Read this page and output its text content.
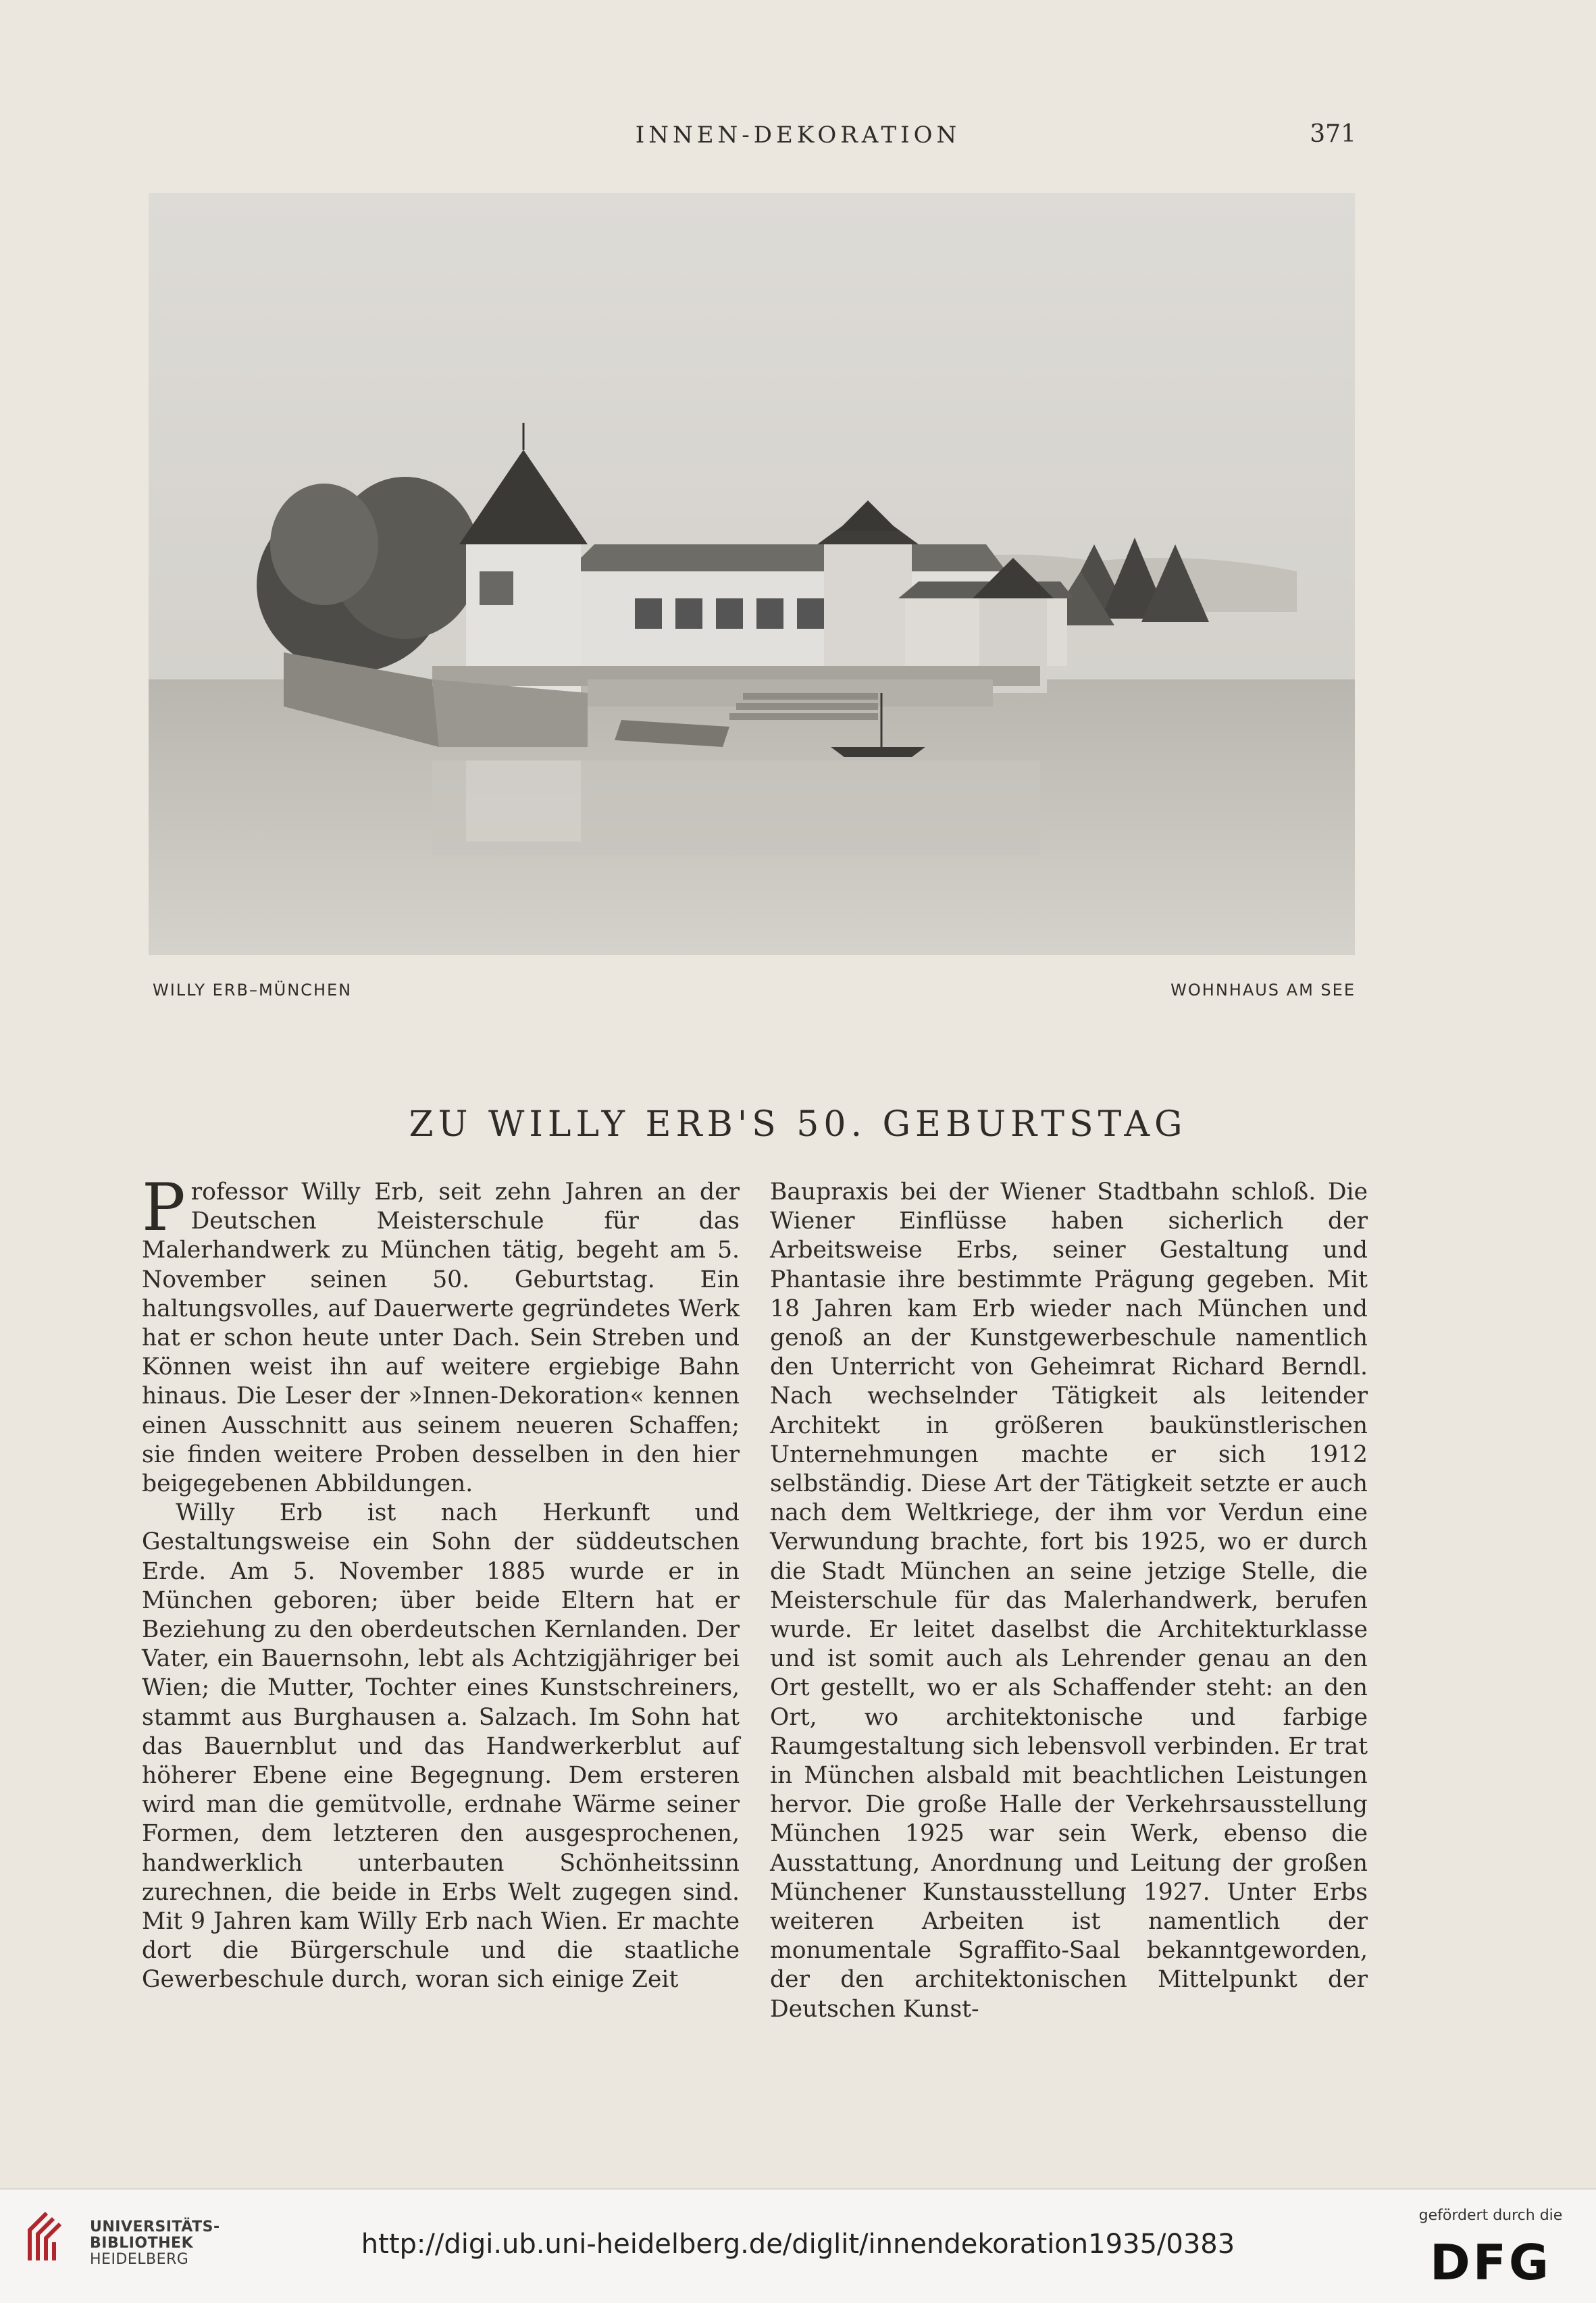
INNEN-DEKORATION	371
WILLY ERB–MÜNCHEN	WOHNHAUS AM SEE
ZU WILLY ERB'S 50. GEBURTSTAG

Professor Willy Erb, seit zehn Jahren an der Deutschen Meisterschule für das Malerhandwerk zu München tätig, begeht am 5. November seinen 50. Geburtstag. Ein haltungsvolles, auf Dauerwerte gegründetes Werk hat er schon heute unter Dach. Sein Streben und Können weist ihn auf weitere ergiebige Bahn hinaus. Die Leser der »Innen-Dekoration« kennen einen Ausschnitt aus seinem neueren Schaffen; sie finden weitere Proben desselben in den hier beigegebenen Abbildungen.

Willy Erb ist nach Herkunft und Gestaltungsweise ein Sohn der süddeutschen Erde. Am 5. November 1885 wurde er in München geboren; über beide Eltern hat er Beziehung zu den oberdeutschen Kernlanden. Der Vater, ein Bauernsohn, lebt als Achtzigjähriger bei Wien; die Mutter, Tochter eines Kunstschreiners, stammt aus Burghausen a. Salzach. Im Sohn hat das Bauernblut und das Handwerkerblut auf höherer Ebene eine Begegnung. Dem ersteren wird man die gemütvolle, erdnahe Wärme seiner Formen, dem letzteren den ausgesprochenen, handwerklich unterbauten Schönheitssinn zurechnen, die beide in Erbs Welt zugegen sind. Mit 9 Jahren kam Willy Erb nach Wien. Er machte dort die Bürgerschule und die staatliche Gewerbeschule durch, woran sich einige Zeit

Baupraxis bei der Wiener Stadtbahn schloß. Die Wiener Einflüsse haben sicherlich der Arbeitsweise Erbs, seiner Gestaltung und Phantasie ihre bestimmte Prägung gegeben. Mit 18 Jahren kam Erb wieder nach München und genoß an der Kunstgewerbeschule namentlich den Unterricht von Geheimrat Richard Berndl. Nach wechselnder Tätigkeit als leitender Architekt in größeren baukünstlerischen Unternehmungen machte er sich 1912 selbständig. Diese Art der Tätigkeit setzte er auch nach dem Weltkriege, der ihm vor Verdun eine Verwundung brachte, fort bis 1925, wo er durch die Stadt München an seine jetzige Stelle, die Meisterschule für das Malerhandwerk, berufen wurde. Er leitet daselbst die Architekturklasse und ist somit auch als Lehrender genau an den Ort gestellt, wo er als Schaffender steht: an den Ort, wo architektonische und farbige Raumgestaltung sich lebensvoll verbinden. Er trat in München alsbald mit beachtlichen Leistungen hervor. Die große Halle der Verkehrsausstellung München 1925 war sein Werk, ebenso die Ausstattung, Anordnung und Leitung der großen Münchener Kunstausstellung 1927. Unter Erbs weiteren Arbeiten ist namentlich der monumentale Sgraffito-Saal bekanntgeworden, der den architektonischen Mittelpunkt der Deutschen Kunst-

UNIVERSITÄTS-
BIBLIOTHEK
HEIDELBERG	http://digi.ub.uni-heidelberg.de/diglit/innendekoration1935/0383
gefördert durch die
DFG
